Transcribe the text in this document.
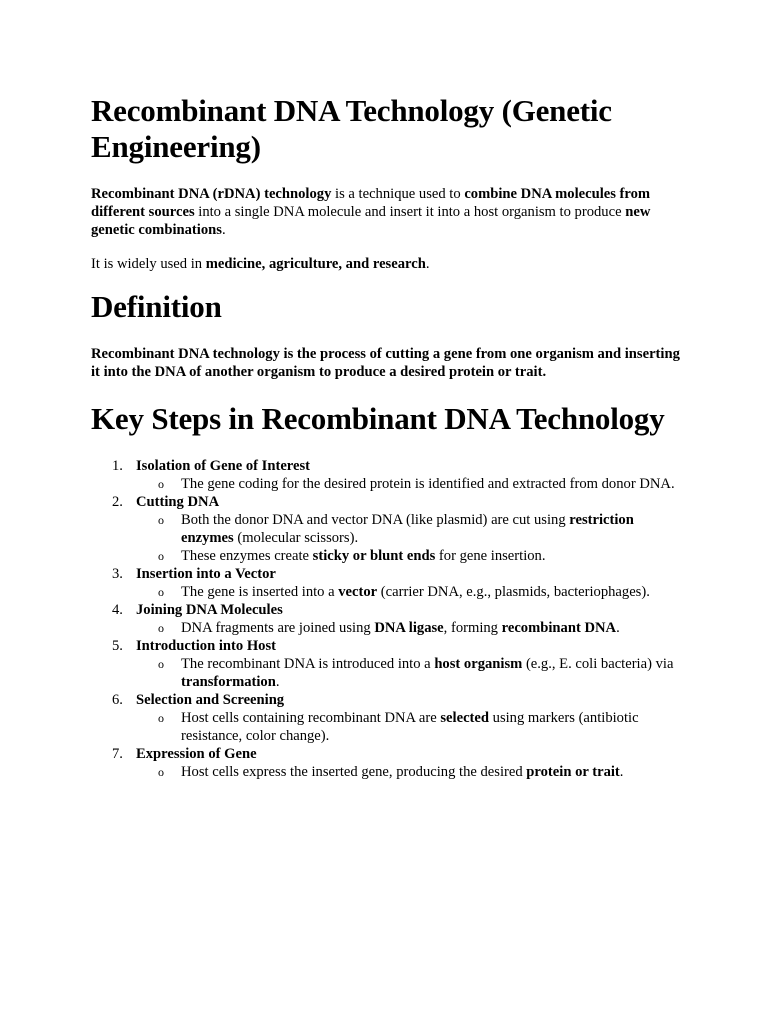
Recombinant DNA Technology (Genetic Engineering)

Recombinant DNA (rDNA) technology is a technique used to combine DNA molecules from different sources into a single DNA molecule and insert it into a host organism to produce new genetic combinations.

It is widely used in medicine, agriculture, and research.

Definition

Recombinant DNA technology is the process of cutting a gene from one organism and inserting it into the DNA of another organism to produce a desired protein or trait.

Key Steps in Recombinant DNA Technology
1. Isolation of Gene of Interest
o The gene coding for the desired protein is identified and extracted from donor DNA.
2. Cutting DNA
o Both the donor DNA and vector DNA (like plasmid) are cut using restriction enzymes (molecular scissors).
o These enzymes create sticky or blunt ends for gene insertion.
3. Insertion into a Vector
o The gene is inserted into a vector (carrier DNA, e.g., plasmids, bacteriophages).
4. Joining DNA Molecules
o DNA fragments are joined using DNA ligase, forming recombinant DNA.
5. Introduction into Host
o The recombinant DNA is introduced into a host organism (e.g., E. coli bacteria) via transformation.
6. Selection and Screening
o Host cells containing recombinant DNA are selected using markers (antibiotic resistance, color change).
7. Expression of Gene
o Host cells express the inserted gene, producing the desired protein or trait.
